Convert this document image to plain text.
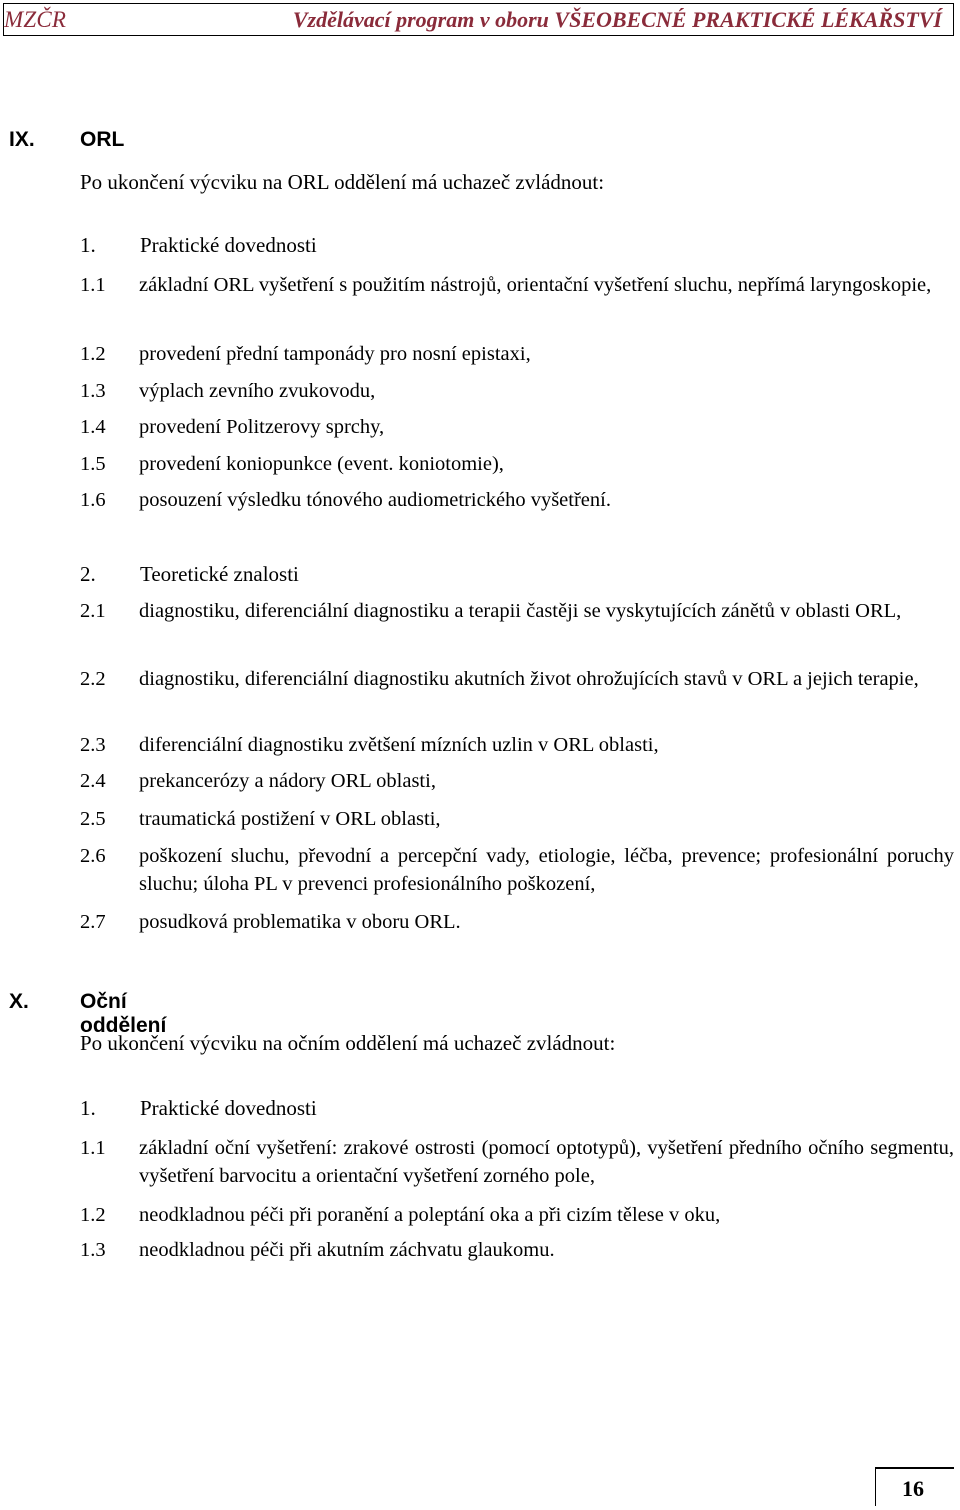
MZČR	Vzdělávací program v oboru VŠEOBECNÉ PRAKTICKÉ LÉKAŘSTVÍ
IX. ORL
Po ukončení výcviku na ORL oddělení má uchazeč zvládnout:
1. Praktické dovednosti
1.1 základní ORL vyšetření s použitím nástrojů, orientační vyšetření sluchu, nepřímá laryngoskopie,
1.2 provedení přední tamponády pro nosní epistaxi,
1.3 výplach zevního zvukovodu,
1.4 provedení Politzerovy sprchy,
1.5 provedení koniopunkce (event. koniotomie),
1.6 posouzení výsledku tónového audiometrického vyšetření.
2. Teoretické znalosti
2.1 diagnostiku, diferenciální diagnostiku a terapii častěji se vyskytujících zánětů v oblasti ORL,
2.2 diagnostiku, diferenciální diagnostiku akutních život ohrožujících stavů v ORL a jejich terapie,
2.3 diferenciální diagnostiku zvětšení mízních uzlin v ORL oblasti,
2.4 prekancerózy a nádory ORL oblasti,
2.5 traumatická postižení v ORL oblasti,
2.6 poškození sluchu, převodní a percepční vady, etiologie, léčba, prevence; profesionální poruchy sluchu; úloha PL v prevenci profesionálního poškození,
2.7 posudková problematika v oboru ORL.
X. Oční oddělení
Po ukončení výcviku na očním oddělení má uchazeč zvládnout:
1. Praktické dovednosti
1.1 základní oční vyšetření: zrakové ostrosti (pomocí optotypů), vyšetření předního očního segmentu, vyšetření barvocitu a orientační vyšetření zorného pole,
1.2 neodkladnou péči při poranění a poleptání oka a při cizím tělese v oku,
1.3 neodkladnou péči při akutním záchvatu glaukomu.
16
